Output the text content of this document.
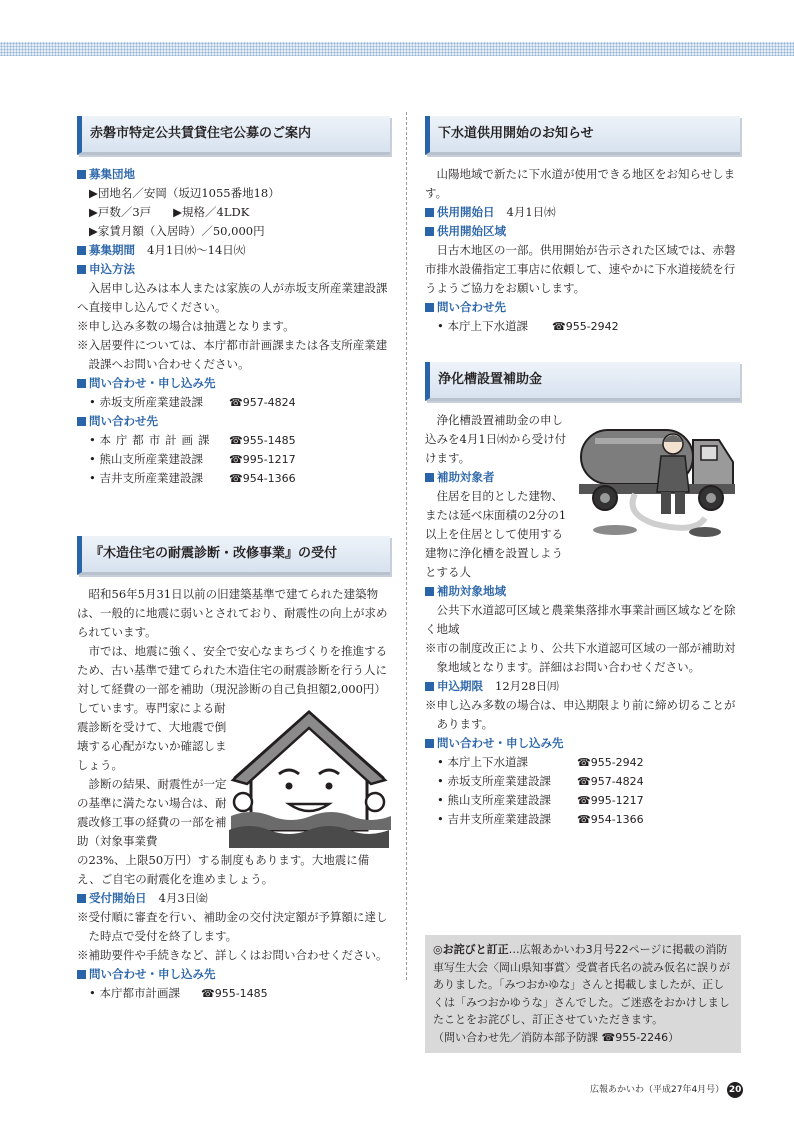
赤磐市特定公共賃貸住宅公募のご案内
募集団地

▶団地名／安岡（坂辺1055番地18）

▶戸数／3戸 ▶規格／4LDK

▶家賃月額（入居時）／50,000円

募集期間 4月1日㈬〜14日㈫
申込方法

入居申し込みは本人または家族の人が赤坂支所産業建設課へ直接申し込んでください。

※申し込み多数の場合は抽選となります。

※入居要件については、本庁都市計画課または各支所産業建設課へお問い合わせください。

問い合わせ・申し込み先
• 赤坂支所産業建設課	☎957-4824
問い合わせ先
• 本庁都市計画課	☎955-1485
• 熊山支所産業建設課	☎995-1217
• 吉井支所産業建設課	☎954-1366
『木造住宅の耐震診断・改修事業』の受付

昭和56年5月31日以前の旧建築基準で建てられた建築物は、一般的に地震に弱いとされており、耐震性の向上が求められています。

市では、地震に強く、安全で安心なまちづくりを推進するため、古い基準で建てられた木造住宅の耐震診断を行う人に対して経費の一部を補助（現況診断の自己負担額2,000円）

しています。専門家による耐震診断を受けて、大地震で倒壊する心配がないか確認しましょう。

診断の結果、耐震性が一定の基準に満たない場合は、耐震改修工事の経費の一部を補助（対象事業費

の23%、上限50万円）する制度もあります。大地震に備え、ご自宅の耐震化を進めましょう。

受付開始日 4月3日㈮

※受付順に審査を行い、補助金の交付決定額が予算額に達した時点で受付を終了します。

※補助要件や手続きなど、詳しくはお問い合わせください。

問い合わせ・申し込み先
• 本庁都市計画課	☎955-1485
下水道供用開始のお知らせ

山陽地域で新たに下水道が使用できる地区をお知らせします。

供用開始日 4月1日㈬
供用開始区域

日古木地区の一部。供用開始が告示された区域では、赤磐市排水設備指定工事店に依頼して、速やかに下水道接続を行うようご協力をお願いします。

問い合わせ先
• 本庁上下水道課	☎955-2942
浄化槽設置補助金

浄化槽設置補助金の申し込みを4月1日㈬から受け付けます。

補助対象者

住居を目的とした建物、または延べ床面積の2分の1以上を住居として使用する建物に浄化槽を設置しようとする人

補助対象地域

公共下水道認可区域と農業集落排水事業計画区域などを除く地域

※市の制度改正により、公共下水道認可区域の一部が補助対象地域となります。詳細はお問い合わせください。

申込期限 12月28日㈪

※申し込み多数の場合は、申込期限より前に締め切ることがあります。

問い合わせ・申し込み先
• 本庁上下水道課	☎955-2942
• 赤坂支所産業建設課	☎957-4824
• 熊山支所産業建設課	☎995-1217
• 吉井支所産業建設課	☎954-1366
◎お詫びと訂正…広報あかいわ3月号22ページに掲載の消防車写生大会〈岡山県知事賞〉受賞者氏名の読み仮名に誤りがありました。「みつおかゆな」さんと掲載しましたが、正しくは「みつおかゆうな」さんでした。ご迷惑をおかけしましたことをお詫びし、訂正させていただきます。
（問い合わせ先／消防本部予防課 ☎955-2246）
広報あかいわ（平成27年4月号） 20
